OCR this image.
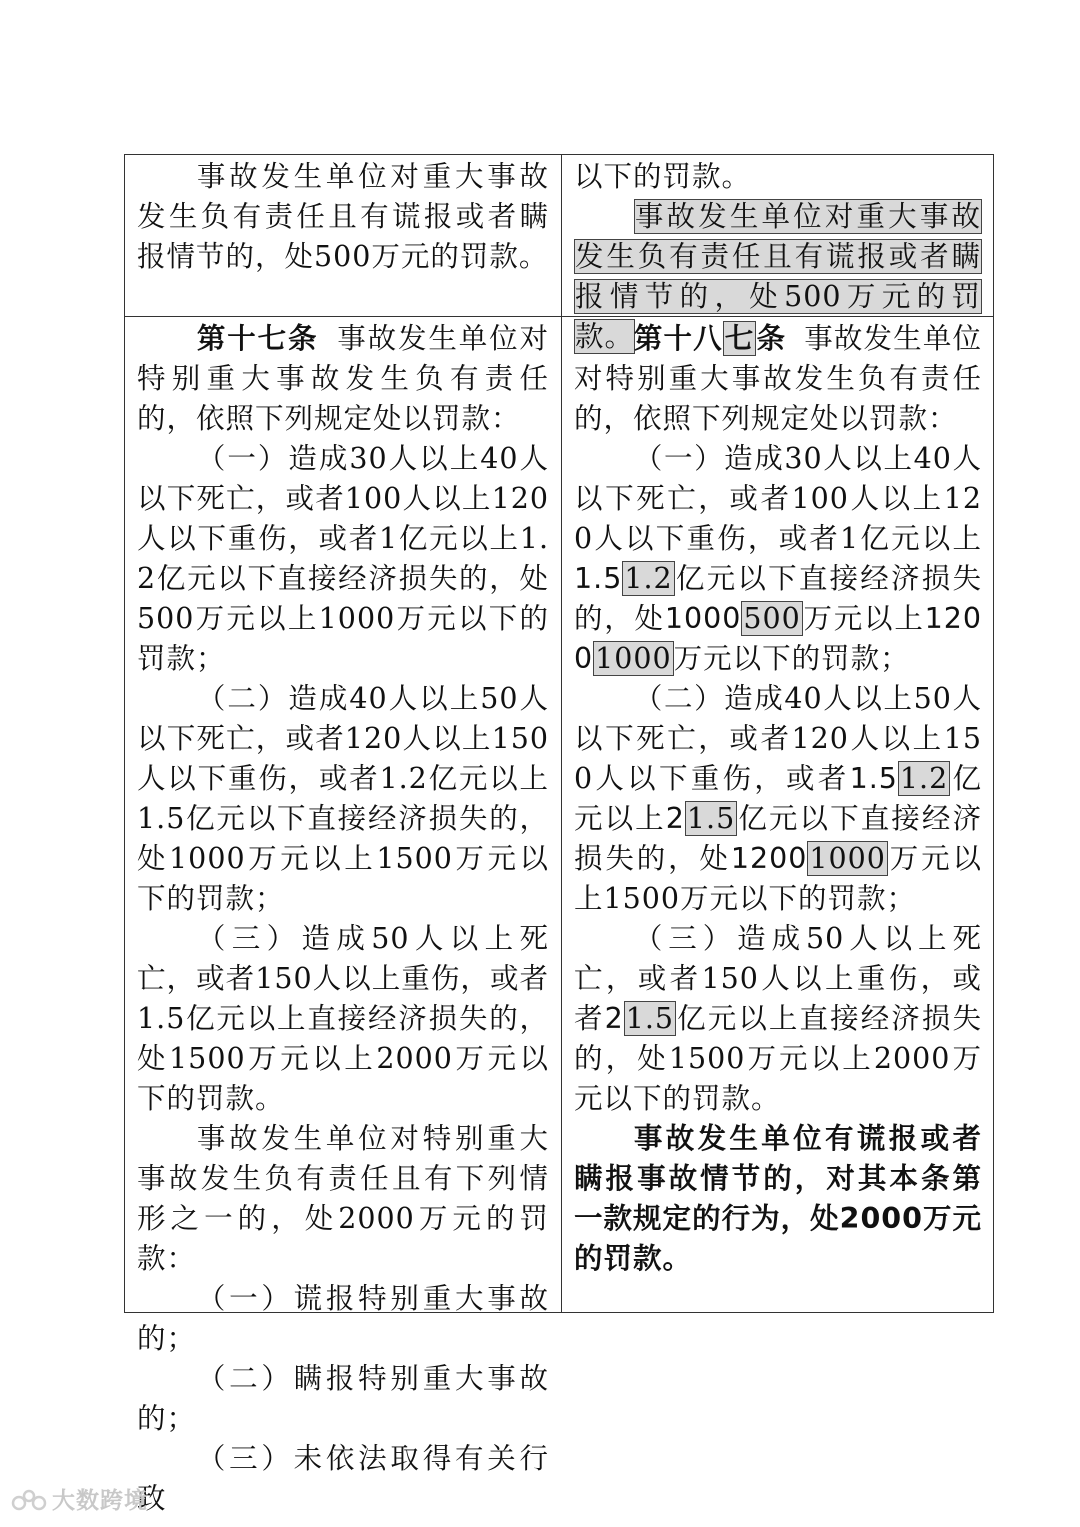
事故发生单位对重大事故发生负有责任且有谎报或者瞒报情节的，处500万元的罚款。

以下的罚款。

事故发生单位对重大事故发生负有责任且有谎报或者瞒报情节的，处500万元的罚款。

第十七条 事故发生单位对特别重大事故发生负有责任的，依照下列规定处以罚款：

（一）造成30人以上40人以下死亡，或者100人以上120人以下重伤，或者1亿元以上1.2亿元以下直接经济损失的，处500万元以上1000万元以下的罚款；

（二）造成40人以上50人以下死亡，或者120人以上150人以下重伤，或者1.2亿元以上1.5亿元以下直接经济损失的，处1000万元以上1500万元以下的罚款；

（三）造成50人以上死亡，或者150人以上重伤，或者1.5亿元以上直接经济损失的，处1500万元以上2000万元以下的罚款。

事故发生单位对特别重大事故发生负有责任且有下列情形之一的，处2000万元的罚款：

（一）谎报特别重大事故的；

（二）瞒报特别重大事故的；

（三）未依法取得有关行政

第十八七条 事故发生单位对特别重大事故发生负有责任的，依照下列规定处以罚款：

（一）造成30人以上40人以下死亡，或者100人以上120人以下重伤，或者1亿元以上1.51.2亿元以下直接经济损失的，处1000500万元以上12001000万元以下的罚款；

（二）造成40人以上50人以下死亡，或者120人以上150人以下重伤，或者1.51.2亿元以上21.5亿元以下直接经济损失的，处12001000万元以上1500万元以下的罚款；

（三）造成50人以上死亡，或者150人以上重伤，或者21.5亿元以上直接经济损失的，处1500万元以上2000万元以下的罚款。

事故发生单位有谎报或者瞒报事故情节的，对其本条第一款规定的行为，处2000万元的罚款。

大数跨境
